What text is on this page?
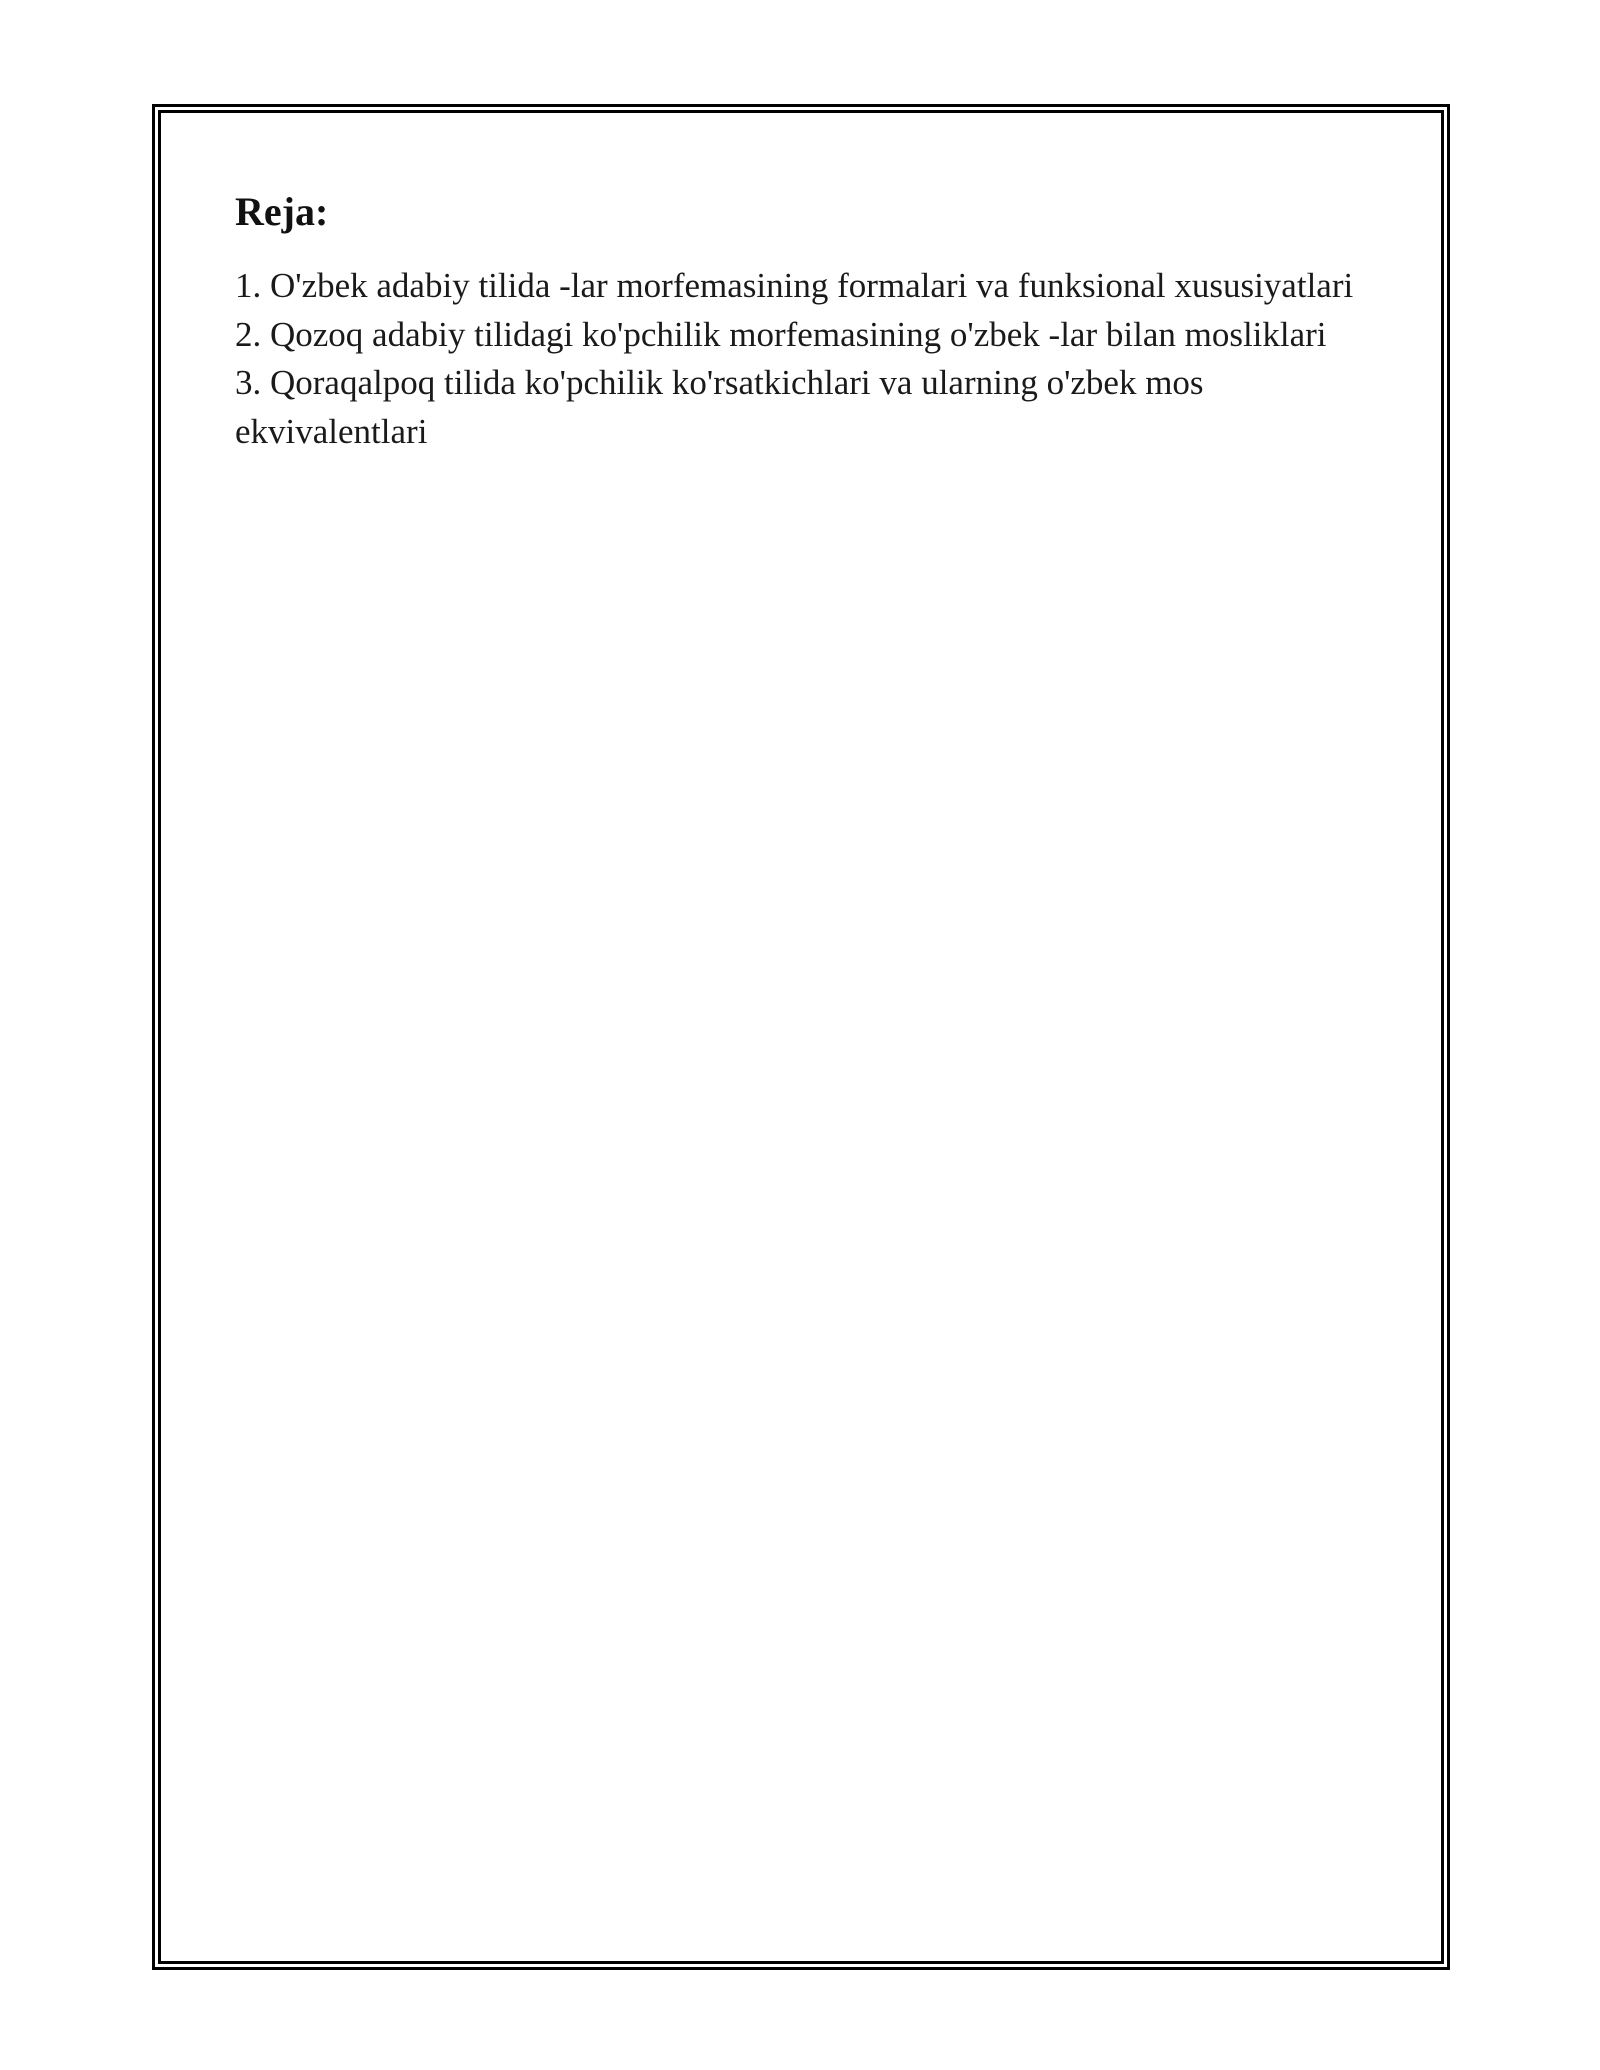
Reja:
1. O'zbek adabiy tilida -lar morfemasining formalari va funksional xususiyatlari
2. Qozoq adabiy tilidagi ko'pchilik morfemasining o'zbek -lar bilan mosliklari
3. Qoraqalpoq tilida ko'pchilik ko'rsatkichlari va ularning o'zbek mos ekvivalentlari
